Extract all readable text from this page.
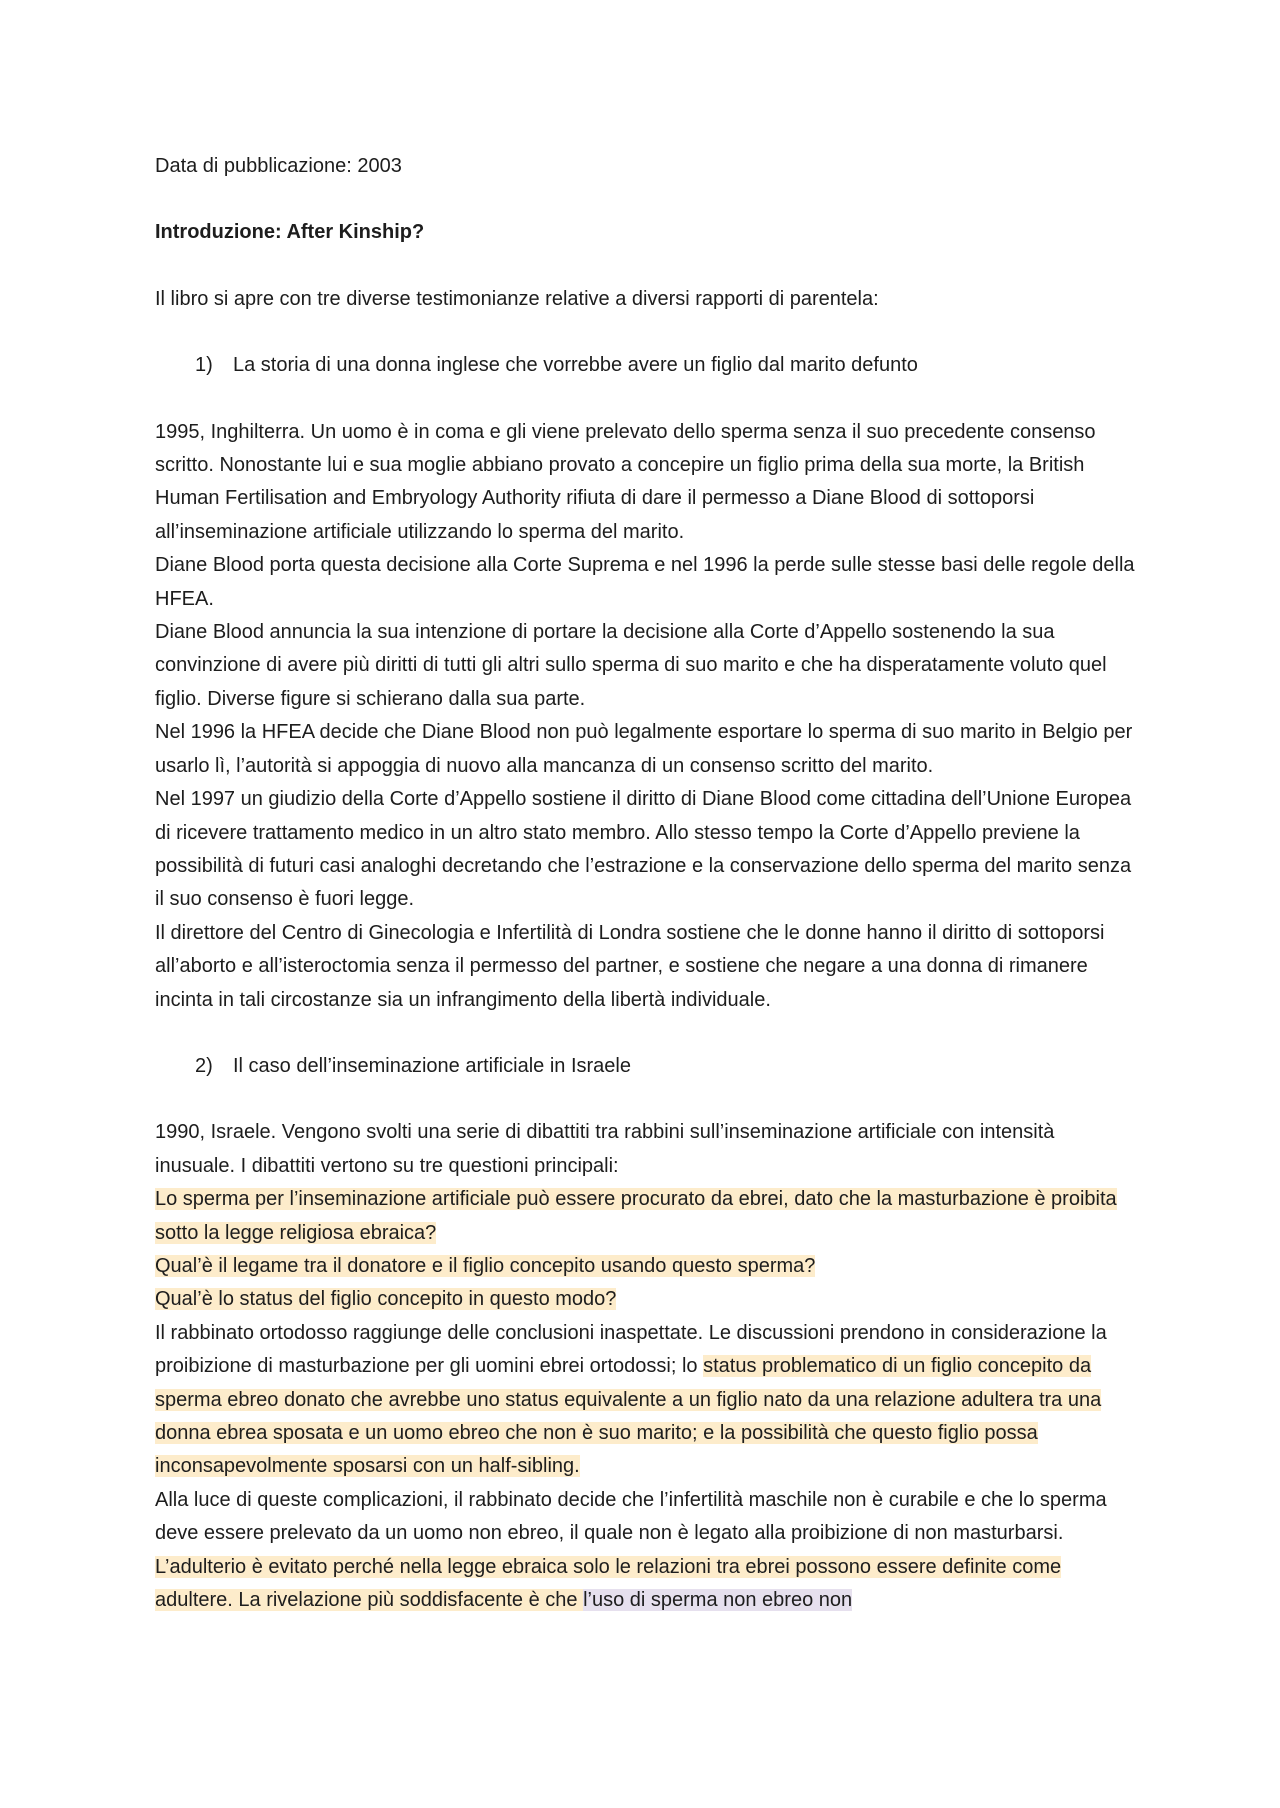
Data di pubblicazione: 2003

Introduzione: After Kinship?

Il libro si apre con tre diverse testimonianze relative a diversi rapporti di parentela:

1) La storia di una donna inglese che vorrebbe avere un figlio dal marito defunto

1995, Inghilterra. Un uomo è in coma e gli viene prelevato dello sperma senza il suo precedente consenso scritto. Nonostante lui e sua moglie abbiano provato a concepire un figlio prima della sua morte, la British Human Fertilisation and Embryology Authority rifiuta di dare il permesso a Diane Blood di sottoporsi all’inseminazione artificiale utilizzando lo sperma del marito.

Diane Blood porta questa decisione alla Corte Suprema e nel 1996 la perde sulle stesse basi delle regole della HFEA.

Diane Blood annuncia la sua intenzione di portare la decisione alla Corte d’Appello sostenendo la sua convinzione di avere più diritti di tutti gli altri sullo sperma di suo marito e che ha disperatamente voluto quel figlio. Diverse figure si schierano dalla sua parte.

Nel 1996 la HFEA decide che Diane Blood non può legalmente esportare lo sperma di suo marito in Belgio per usarlo lì, l’autorità si appoggia di nuovo alla mancanza di un consenso scritto del marito.

Nel 1997 un giudizio della Corte d’Appello sostiene il diritto di Diane Blood come cittadina dell’Unione Europea di ricevere trattamento medico in un altro stato membro. Allo stesso tempo la Corte d’Appello previene la possibilità di futuri casi analoghi decretando che l’estrazione e la conservazione dello sperma del marito senza il suo consenso è fuori legge.

Il direttore del Centro di Ginecologia e Infertilità di Londra sostiene che le donne hanno il diritto di sottoporsi all’aborto e all’isteroctomia senza il permesso del partner, e sostiene che negare a una donna di rimanere incinta in tali circostanze sia un infrangimento della libertà individuale.

2) Il caso dell’inseminazione artificiale in Israele

1990, Israele. Vengono svolti una serie di dibattiti tra rabbini sull’inseminazione artificiale con intensità inusuale. I dibattiti vertono su tre questioni principali:

Lo sperma per l’inseminazione artificiale può essere procurato da ebrei, dato che la masturbazione è proibita sotto la legge religiosa ebraica?

Qual’è il legame tra il donatore e il figlio concepito usando questo sperma?

Qual’è lo status del figlio concepito in questo modo?

Il rabbinato ortodosso raggiunge delle conclusioni inaspettate. Le discussioni prendono in considerazione la proibizione di masturbazione per gli uomini ebrei ortodossi; lo status problematico di un figlio concepito da sperma ebreo donato che avrebbe uno status equivalente a un figlio nato da una relazione adultera tra una donna ebrea sposata e un uomo ebreo che non è suo marito; e la possibilità che questo figlio possa inconsapevolmente sposarsi con un half-sibling.

Alla luce di queste complicazioni, il rabbinato decide che l’infertilità maschile non è curabile e che lo sperma deve essere prelevato da un uomo non ebreo, il quale non è legato alla proibizione di non masturbarsi. L’adulterio è evitato perché nella legge ebraica solo le relazioni tra ebrei possono essere definite come adultere. La rivelazione più soddisfacente è che l’uso di sperma non ebreo non
